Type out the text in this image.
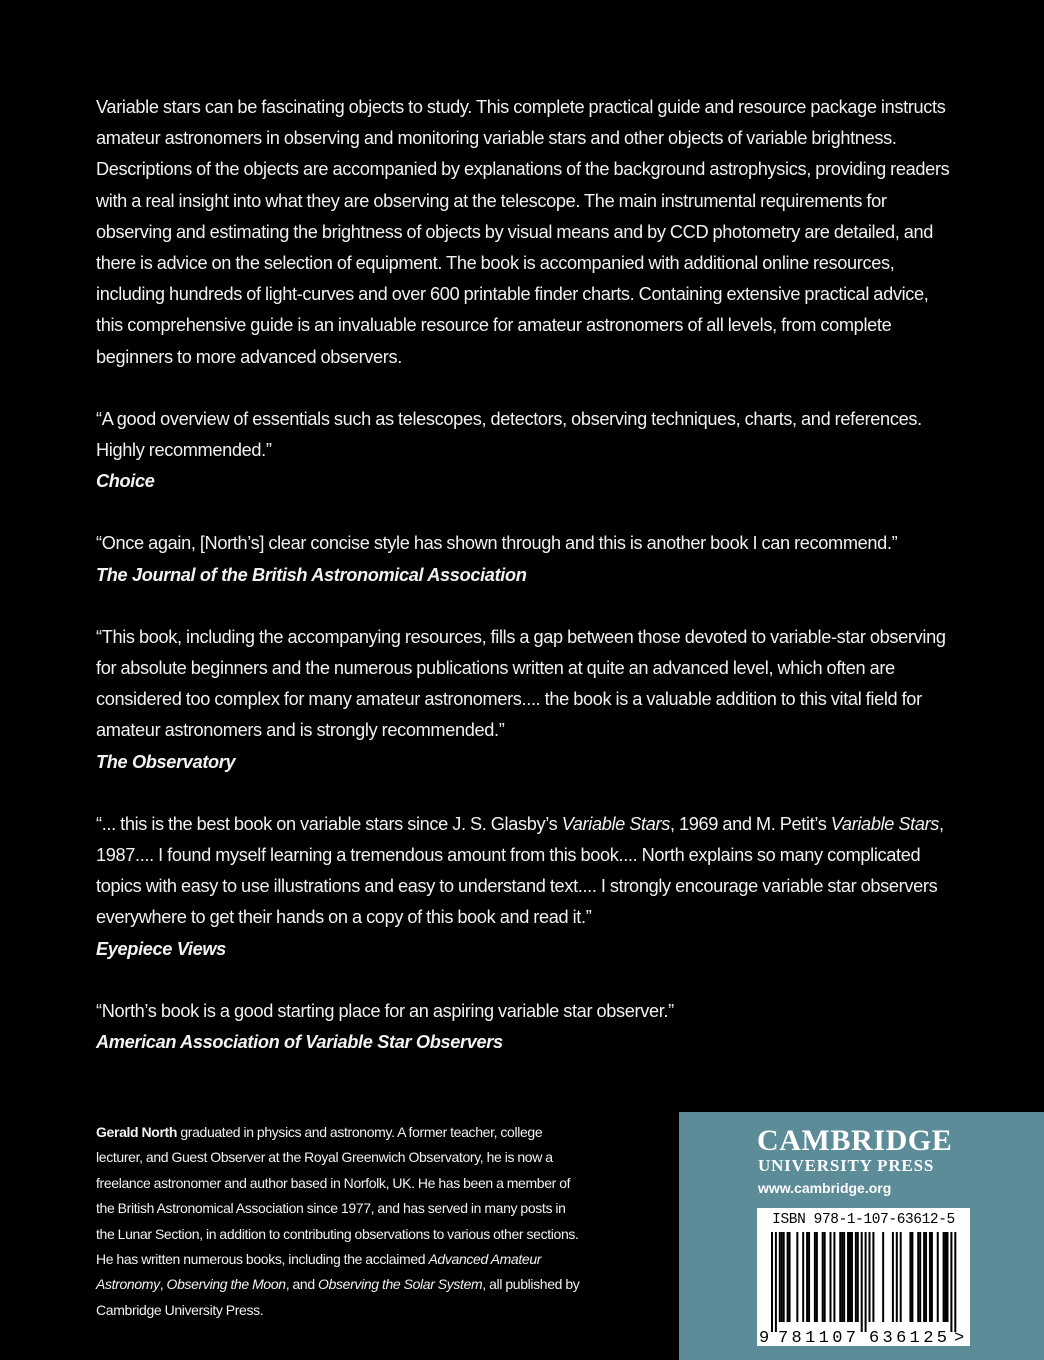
Variable stars can be fascinating objects to study. This complete practical guide and resource package instructs amateur astronomers in observing and monitoring variable stars and other objects of variable brightness. Descriptions of the objects are accompanied by explanations of the background astrophysics, providing readers with a real insight into what they are observing at the telescope. The main instrumental requirements for observing and estimating the brightness of objects by visual means and by CCD photometry are detailed, and there is advice on the selection of equipment. The book is accompanied with additional online resources, including hundreds of light-curves and over 600 printable finder charts. Containing extensive practical advice, this comprehensive guide is an invaluable resource for amateur astronomers of all levels, from complete beginners to more advanced observers.

“A good overview of essentials such as telescopes, detectors, observing techniques, charts, and references. Highly recommended.”

Choice

“Once again, [North’s] clear concise style has shown through and this is another book I can recommend.”

The Journal of the British Astronomical Association

“This book, including the accompanying resources, fills a gap between those devoted to variable-star observing for absolute beginners and the numerous publications written at quite an advanced level, which often are considered too complex for many amateur astronomers.... the book is a valuable addition to this vital field for amateur astronomers and is strongly recommended.”

The Observatory

“... this is the best book on variable stars since J. S. Glasby’s Variable Stars, 1969 and M. Petit’s Variable Stars, 1987.... I found myself learning a tremendous amount from this book.... North explains so many complicated topics with easy to use illustrations and easy to understand text.... I strongly encourage variable star observers everywhere to get their hands on a copy of this book and read it.”

Eyepiece Views

“North’s book is a good starting place for an aspiring variable star observer.”

American Association of Variable Star Observers

Gerald North graduated in physics and astronomy. A former teacher, college lecturer, and Guest Observer at the Royal Greenwich Observatory, he is now a freelance astronomer and author based in Norfolk, UK. He has been a member of the British Astronomical Association since 1977, and has served in many posts in the Lunar Section, in addition to contributing observations to various other sections. He has written numerous books, including the acclaimed Advanced Amateur Astronomy, Observing the Moon, and Observing the Solar System, all published by Cambridge University Press.

CAMBRIDGE
UNIVERSITY PRESS
www.cambridge.org
ISBN 978-1-107-63612-5
9 781107 636125 >
